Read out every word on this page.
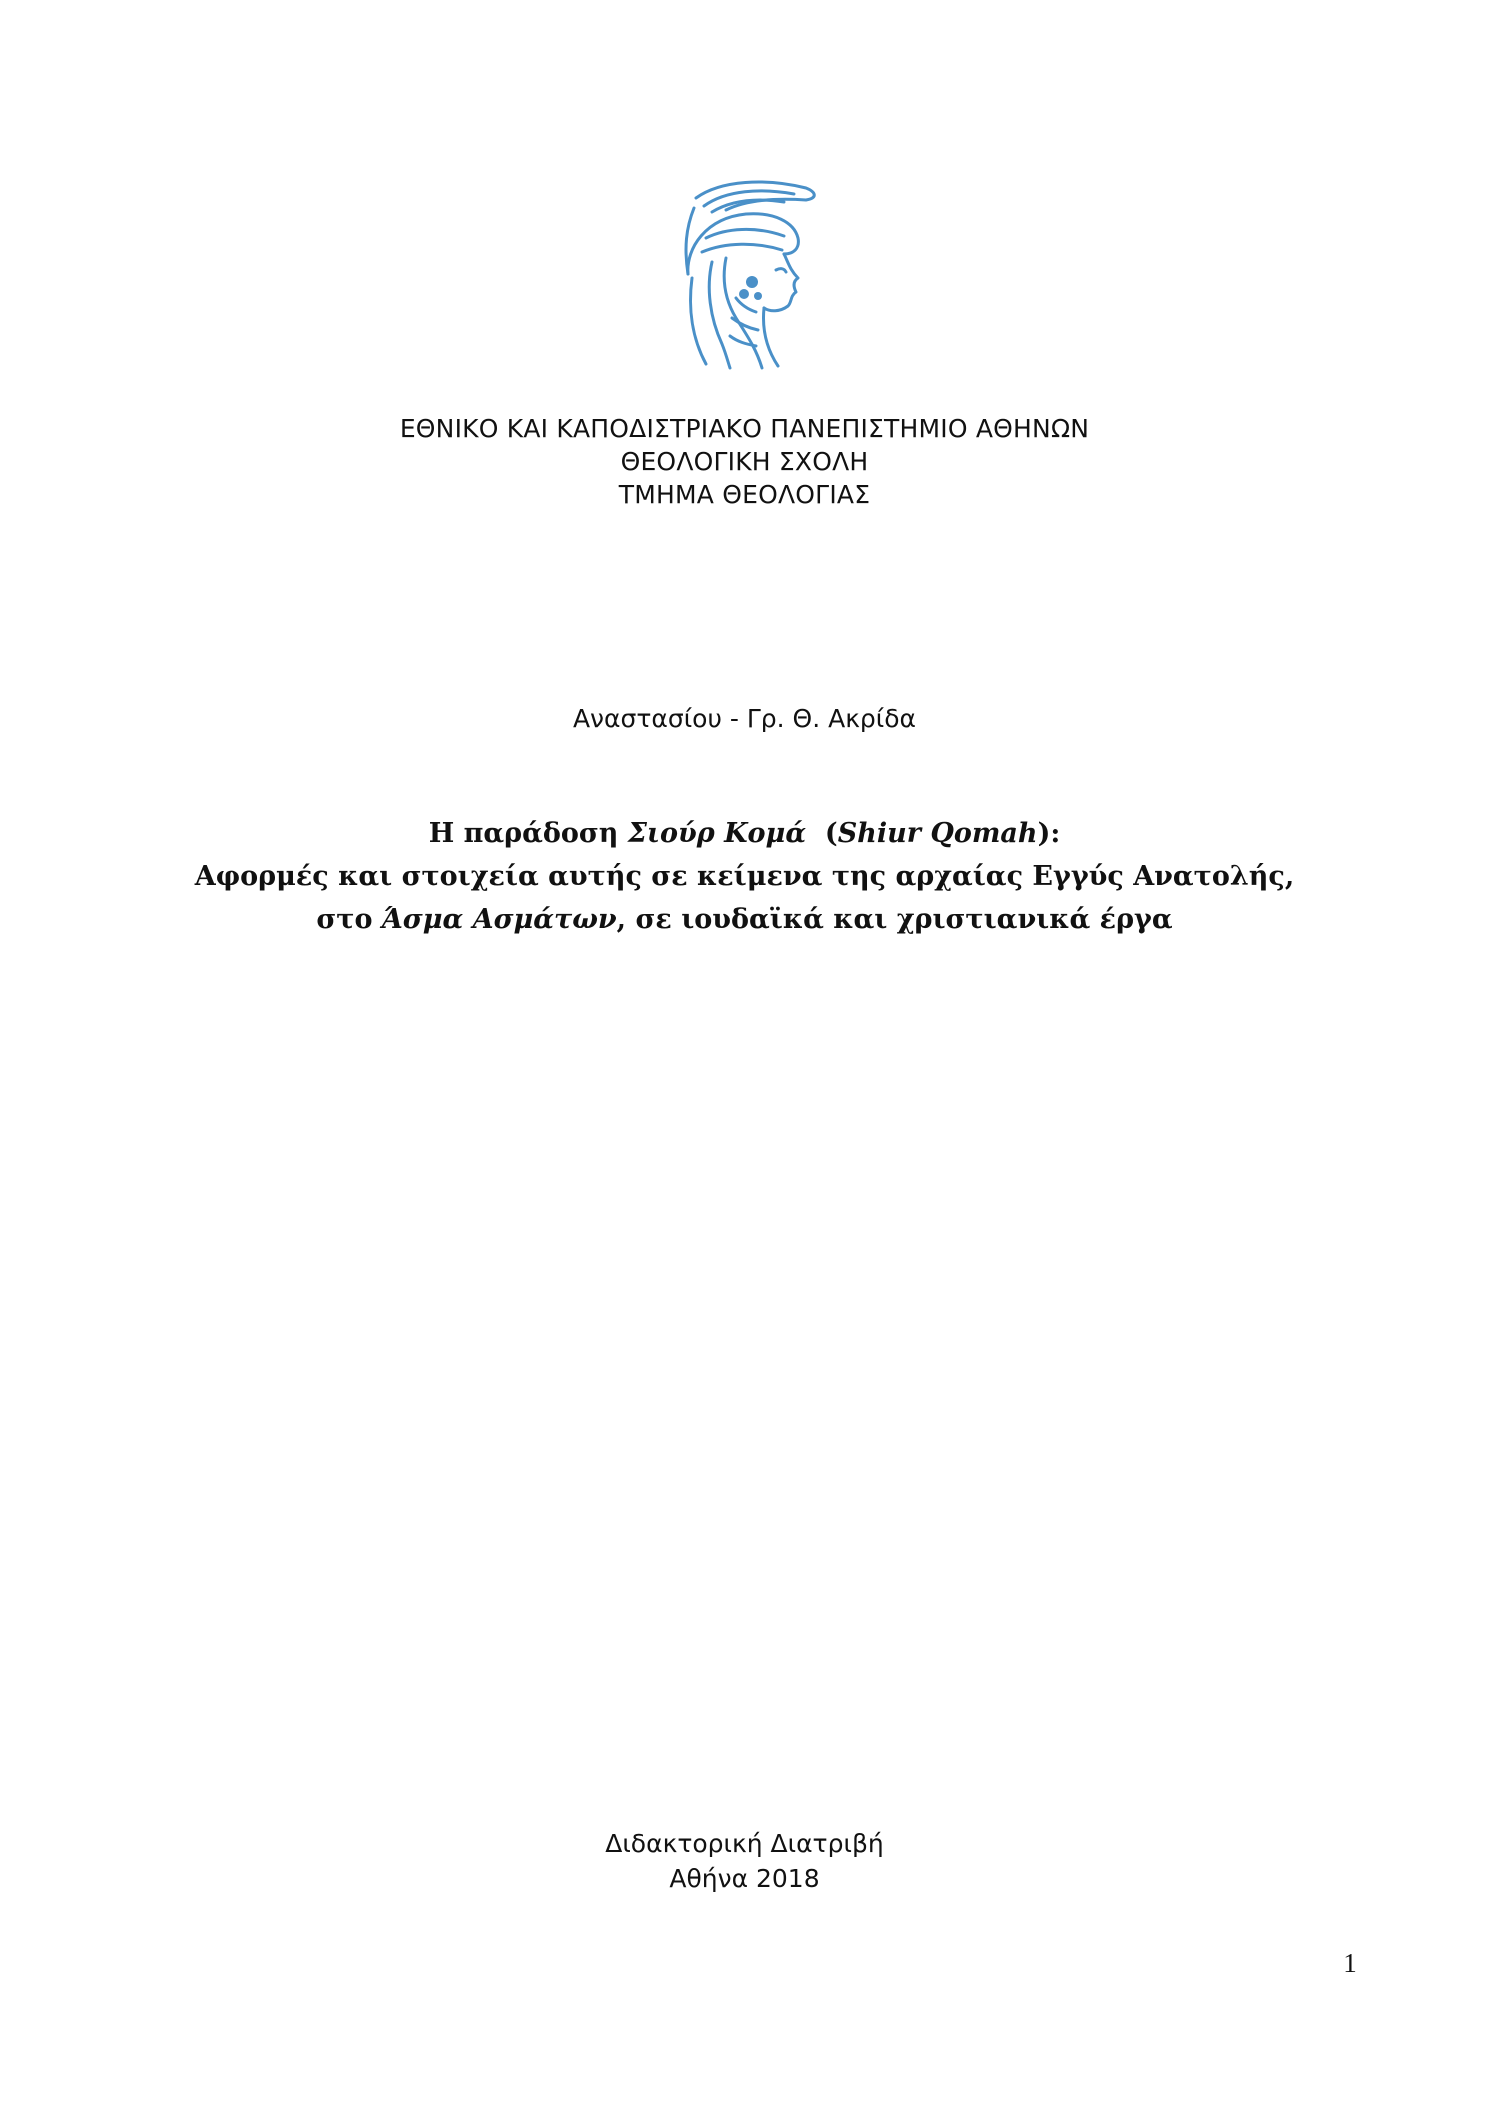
ΕΘΝΙΚΟ ΚΑΙ ΚΑΠΟΔΙΣΤΡΙΑΚΟ ΠΑΝΕΠΙΣΤΗΜΙΟ ΑΘΗΝΩΝ
ΘΕΟΛΟΓΙΚΗ ΣΧΟΛΗ
ΤΜΗΜΑ ΘΕΟΛΟΓΙΑΣ
Αναστασίου - Γρ. Θ. Ακρίδα
Η παράδοση Σιούρ Κομά  (Shiur Qomah):
Αφορμές και στοιχεία αυτής σε κείμενα της αρχαίας Εγγύς Ανατολής,
στο Άσμα Ασμάτων, σε ιουδαϊκά και χριστιανικά έργα
Διδακτορική Διατριβή
Αθήνα 2018
1
